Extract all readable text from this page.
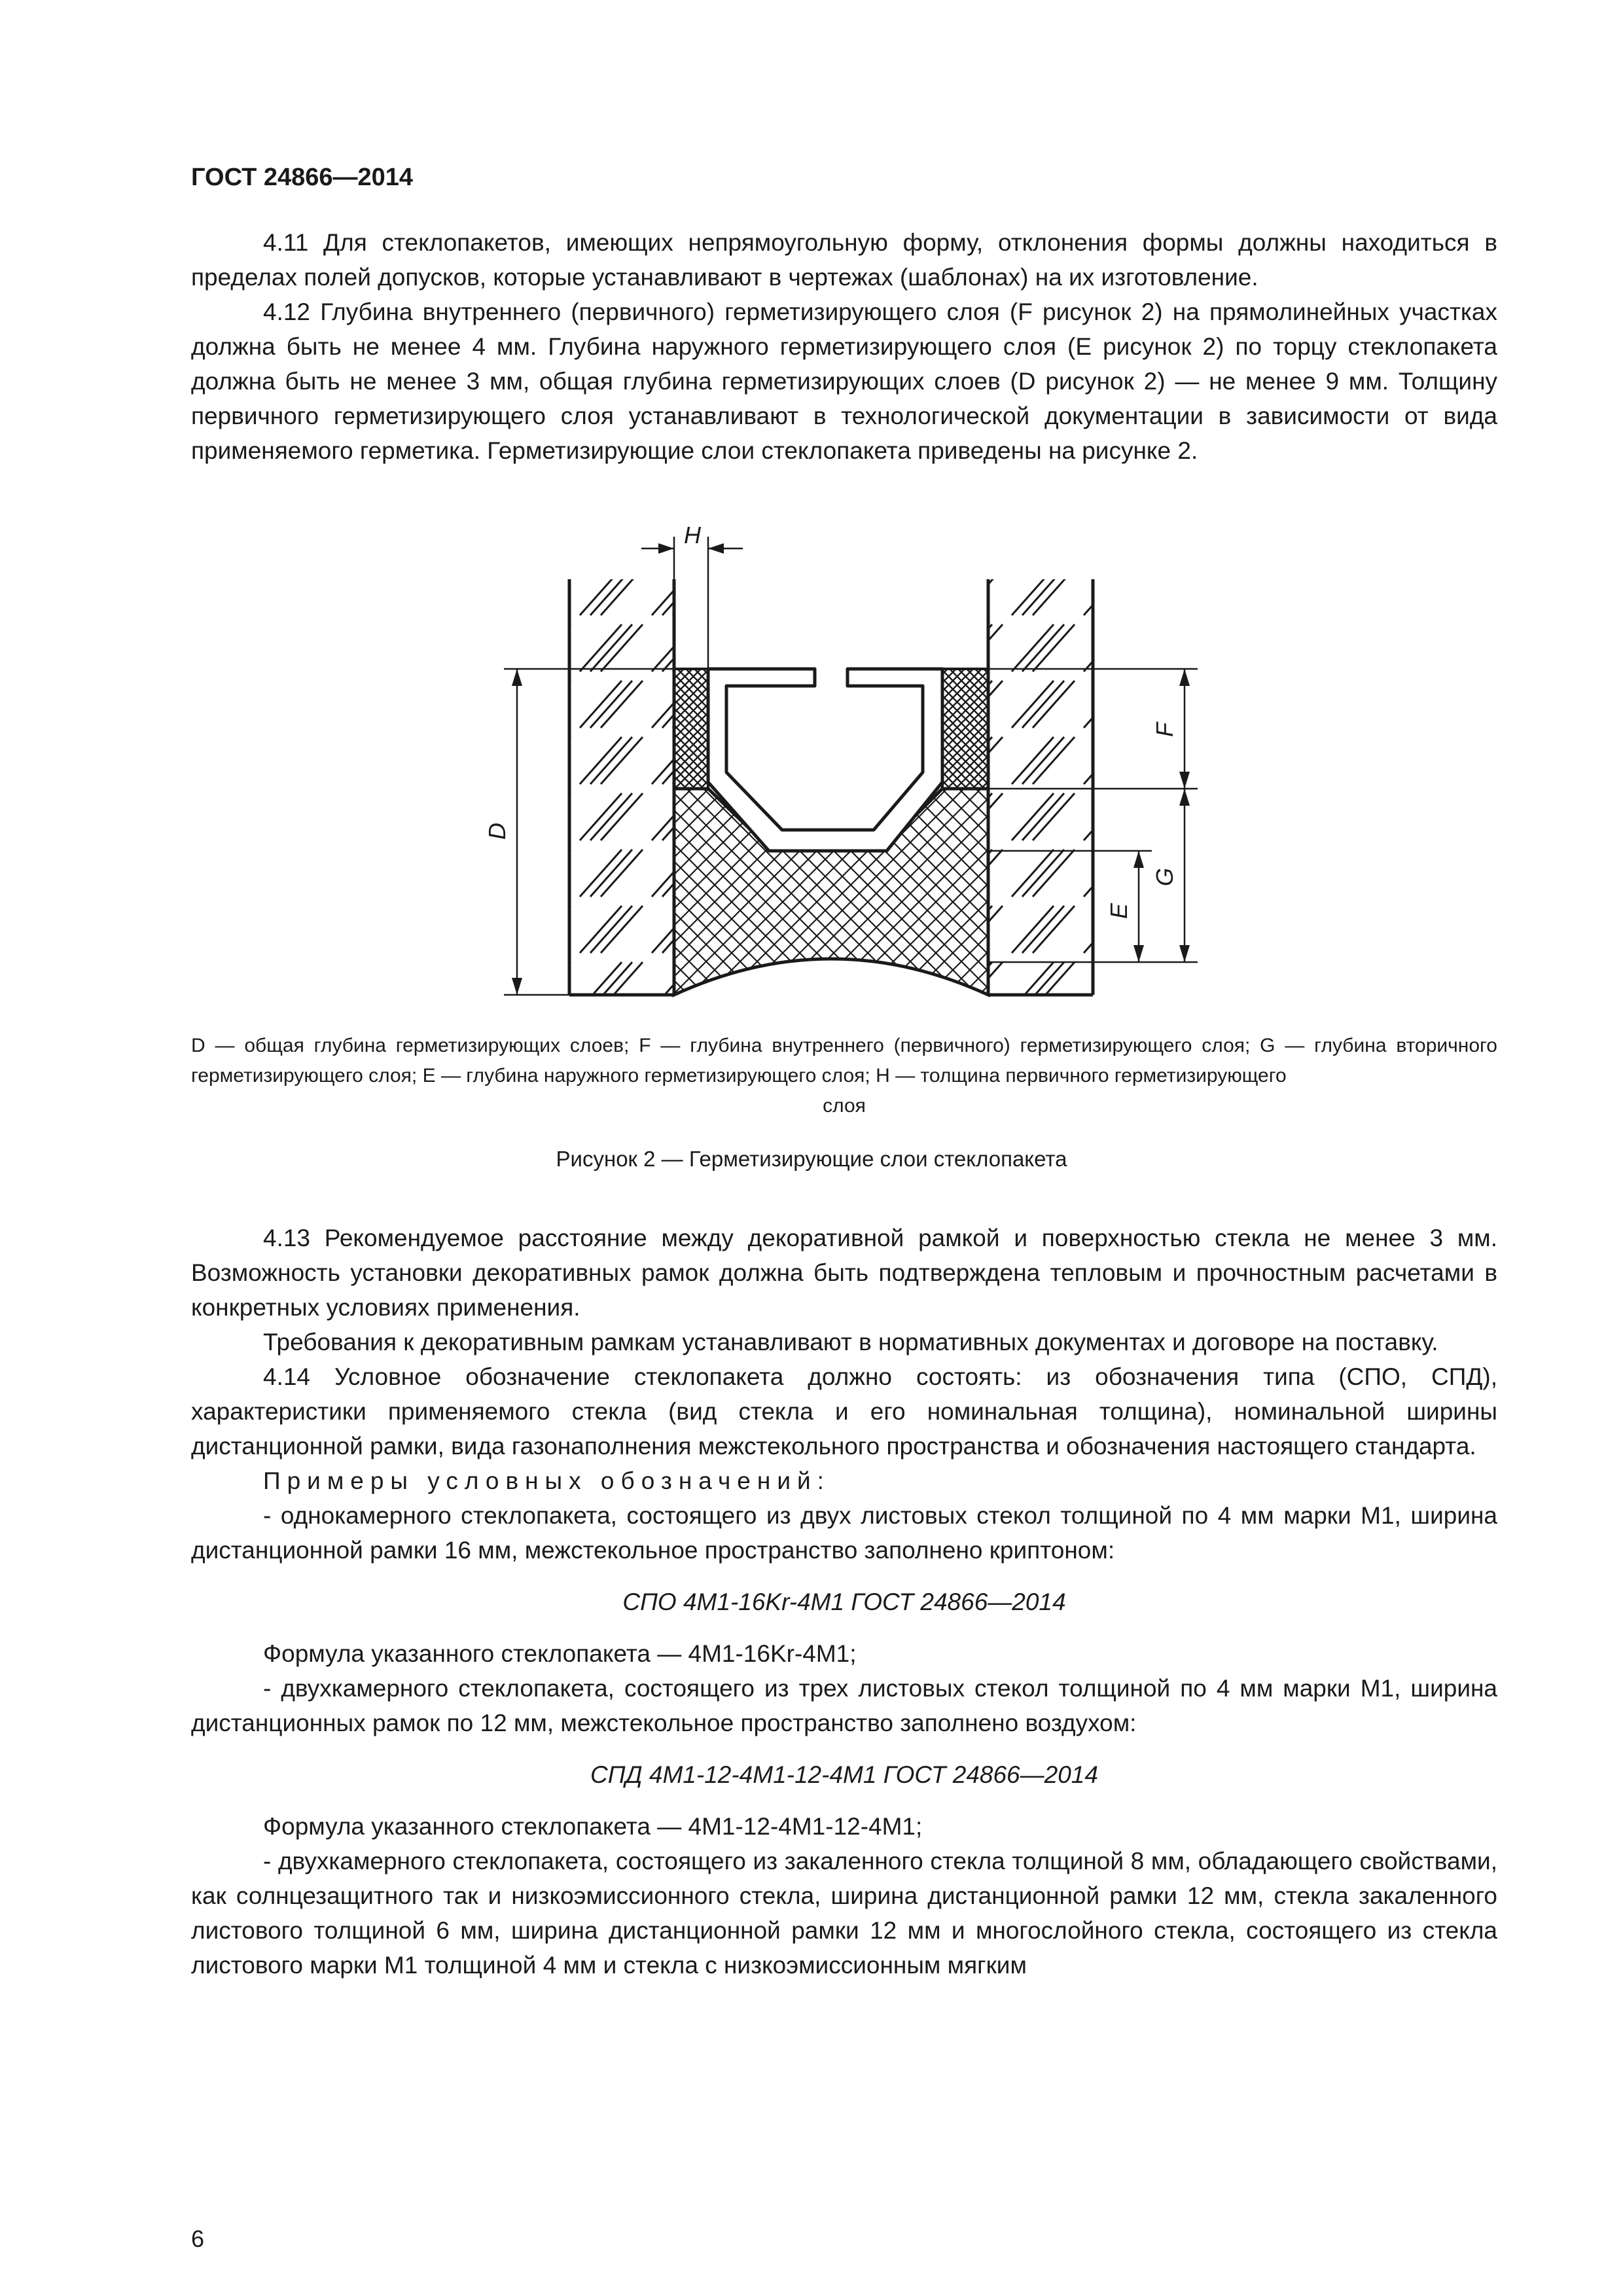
ГОСТ 24866—2014

4.11 Для стеклопакетов, имеющих непрямоугольную форму, отклонения формы должны находиться в пределах полей допусков, которые устанавливают в чертежах (шаблонах) на их изготовление.

4.12 Глубина внутреннего (первичного) герметизирующего слоя (F рисунок 2) на прямолинейных участках должна быть не менее 4 мм. Глубина наружного герметизирующего слоя (E рисунок 2) по торцу стеклопакета должна быть не менее 3 мм, общая глубина герметизирующих слоев (D рисунок 2) — не менее 9 мм. Толщину первичного герметизирующего слоя устанавливают в технологической документации в зависимости от вида применяемого герметика. Герметизирующие слои стеклопакета приведены на рисунке 2.

H
D
F
G
E
D — общая глубина герметизирующих слоев; F — глубина внутреннего (первичного) герметизирующего слоя; G — глубина вторичного герметизирующего слоя; E — глубина наружного герметизирующего слоя; H — толщина первичного герметизирующего
слоя
Рисунок 2 — Герметизирующие слои стеклопакета

4.13 Рекомендуемое расстояние между декоративной рамкой и поверхностью стекла не менее 3 мм. Возможность установки декоративных рамок должна быть подтверждена тепловым и прочностным расчетами в конкретных условиях применения.

Требования к декоративным рамкам устанавливают в нормативных документах и договоре на поставку.

4.14 Условное обозначение стеклопакета должно состоять: из обозначения типа (СПО, СПД), характеристики применяемого стекла (вид стекла и его номинальная толщина), номинальной ширины дистанционной рамки, вида газонаполнения межстекольного пространства и обозначения настоящего стандарта.

Примеры условных обозначений:

- однокамерного стеклопакета, состоящего из двух листовых стекол толщиной по 4 мм марки М1, ширина дистанционной рамки 16 мм, межстекольное пространство заполнено криптоном:

СПО 4М1-16Kr-4М1 ГОСТ 24866—2014

Формула указанного стеклопакета — 4М1-16Kr-4М1;

- двухкамерного стеклопакета, состоящего из трех листовых стекол толщиной по 4 мм марки М1, ширина дистанционных рамок по 12 мм, межстекольное пространство заполнено воздухом:

СПД 4М1-12-4М1-12-4М1 ГОСТ 24866—2014

Формула указанного стеклопакета — 4М1-12-4М1-12-4М1;

- двухкамерного стеклопакета, состоящего из закаленного стекла толщиной 8 мм, обладающего свойствами, как солнцезащитного так и низкоэмиссионного стекла, ширина дистанционной рамки 12 мм, стекла закаленного листового толщиной 6 мм, ширина дистанционной рамки 12 мм и многослойного стекла, состоящего из стекла листового марки М1 толщиной 4 мм и стекла с низкоэмиссионным мягким

6
